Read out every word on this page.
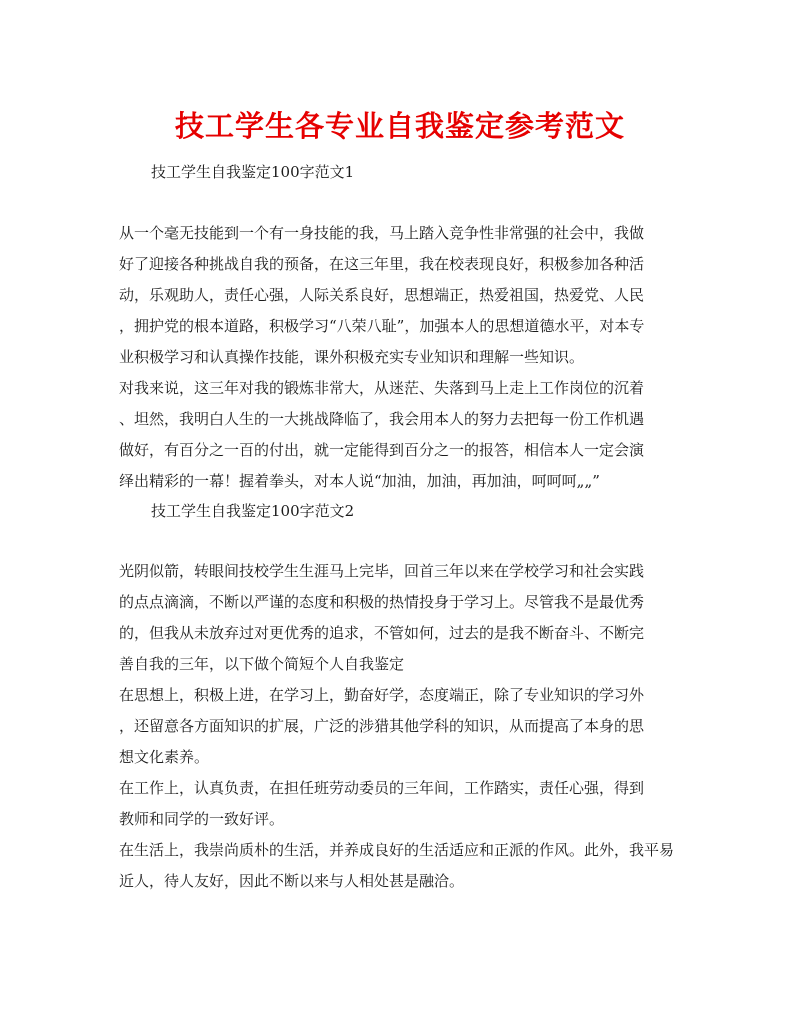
技工学生各专业自我鉴定参考范文

技工学生自我鉴定100字范文1

从一个毫无技能到一个有一身技能的我，马上踏入竞争性非常强的社会中，我做

好了迎接各种挑战自我的预备，在这三年里，我在校表现良好，积极参加各种活

动，乐观助人，责任心强，人际关系良好，思想端正，热爱祖国，热爱党、人民

，拥护党的根本道路，积极学习“八荣八耻”，加强本人的思想道德水平，对本专

业积极学习和认真操作技能，课外积极充实专业知识和理解一些知识。

对我来说，这三年对我的锻炼非常大，从迷茫、失落到马上走上工作岗位的沉着

、坦然，我明白人生的一大挑战降临了，我会用本人的努力去把每一份工作机遇

做好，有百分之一百的付出，就一定能得到百分之一的报答，相信本人一定会演

绎出精彩的一幕！握着拳头，对本人说“加油，加油，再加油，呵呵呵„„”

技工学生自我鉴定100字范文2

光阴似箭，转眼间技校学生生涯马上完毕，回首三年以来在学校学习和社会实践

的点点滴滴，不断以严谨的态度和积极的热情投身于学习上。尽管我不是最优秀

的，但我从未放弃过对更优秀的追求，不管如何，过去的是我不断奋斗、不断完

善自我的三年，以下做个简短个人自我鉴定

在思想上，积极上进，在学习上，勤奋好学，态度端正，除了专业知识的学习外

，还留意各方面知识的扩展，广泛的涉猎其他学科的知识，从而提高了本身的思

想文化素养。

在工作上，认真负责，在担任班劳动委员的三年间，工作踏实，责任心强，得到

教师和同学的一致好评。

在生活上，我崇尚质朴的生活，并养成良好的生活适应和正派的作风。此外，我平易

近人，待人友好，因此不断以来与人相处甚是融洽。
